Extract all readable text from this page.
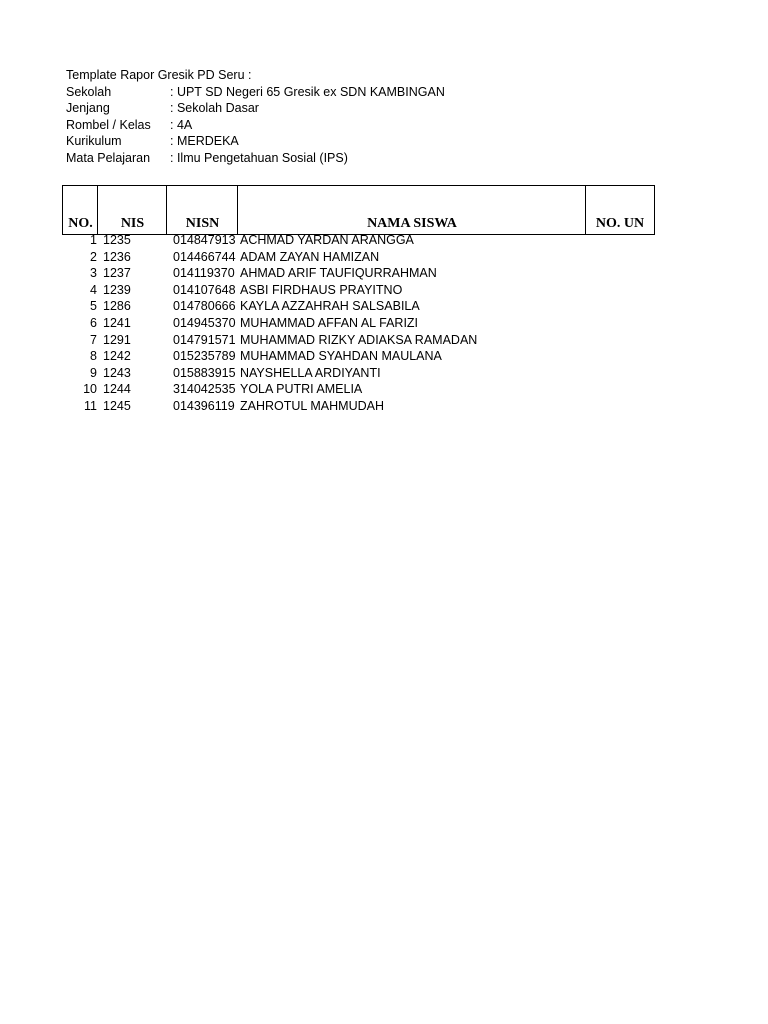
Template Rapor Gresik PD Seru :
Sekolah	: UPT SD Negeri 65 Gresik ex SDN KAMBINGAN
Jenjang	: Sekolah Dasar
Rombel / Kelas : 4A
Kurikulum	: MERDEKA
Mata Pelajaran : Ilmu Pengetahuan Sosial (IPS)
NO.	NIS	NISN	NAMA SISWA	NO. UN
1 1235	014847913 ACHMAD YARDAN ARANGGA
2 1236	014466744 ADAM ZAYAN HAMIZAN
3 1237	014119370 AHMAD ARIF TAUFIQURRAHMAN
4 1239	014107648 ASBI FIRDHAUS PRAYITNO
5 1286	014780666 KAYLA AZZAHRAH SALSABILA
6 1241	014945370 MUHAMMAD AFFAN AL FARIZI
7 1291	014791571 MUHAMMAD RIZKY ADIAKSA RAMADAN
8 1242	015235789 MUHAMMAD SYAHDAN MAULANA
9 1243	015883915 NAYSHELLA ARDIYANTI
10 1244	314042535 YOLA PUTRI AMELIA
11 1245	014396119 ZAHROTUL MAHMUDAH
